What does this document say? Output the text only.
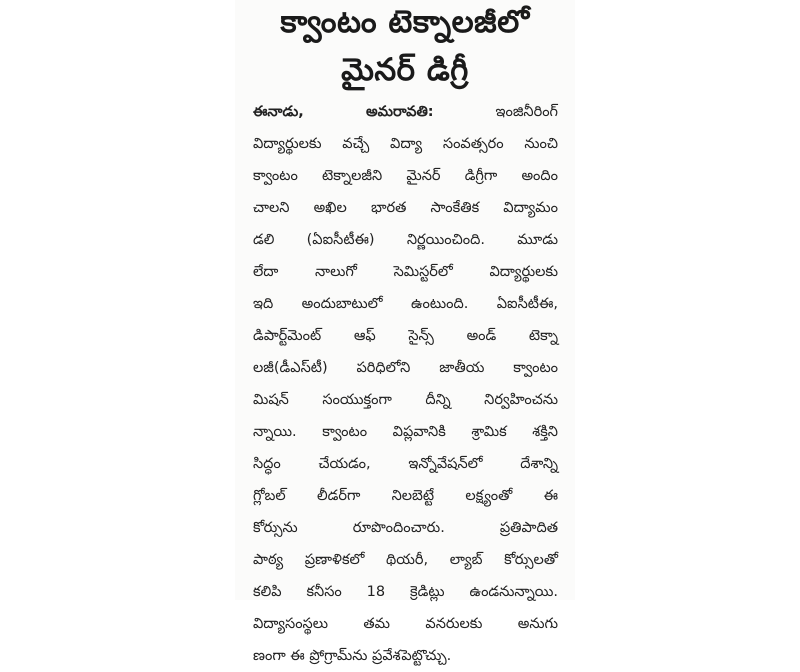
క్వాంటం టెక్నాలజీలో
మైనర్ డిగ్రీ
ఈనాడు, అమరావతి:	ఇంజినీరింగ్
విద్యార్థులకు వచ్చే విద్యా సంవత్సరం నుంచి
క్వాంటం టెక్నాలజీని మైనర్ డిగ్రీగా అందిం
చాలని అఖిల భారత సాంకేతిక విద్యామం
డలి (ఏఐసీటీఈ) నిర్ణయించింది. మూడు
లేదా నాలుగో సెమిస్టర్‌లో విద్యార్థులకు
ఇది అందుబాటులో ఉంటుంది. ఏఐసీటీఈ,
డిపార్ట్‌మెంట్ ఆఫ్ సైన్స్ అండ్ టెక్నా
లజీ(డీఎస్‌టీ) పరిధిలోని జాతీయ క్వాంటం
మిషన్ సంయుక్తంగా దీన్ని నిర్వహించను
న్నాయి. క్వాంటం విప్లవానికి శ్రామిక శక్తిని
సిద్ధం చేయడం, ఇన్నోవేషన్‌లో దేశాన్ని
గ్లోబల్ లీడర్‌గా నిలబెట్టే లక్ష్యంతో ఈ
కోర్సును రూపొందించారు. ప్రతిపాదిత
పాఠ్య ప్రణాళికలో థియరీ, ల్యాబ్ కోర్సులతో
కలిపి కనీసం 18 క్రెడిట్లు ఉండనున్నాయి.
విద్యాసంస్థలు తమ వనరులకు అనుగు
ణంగా ఈ ప్రోగ్రామ్‌ను ప్రవేశపెట్టొచ్చు.
